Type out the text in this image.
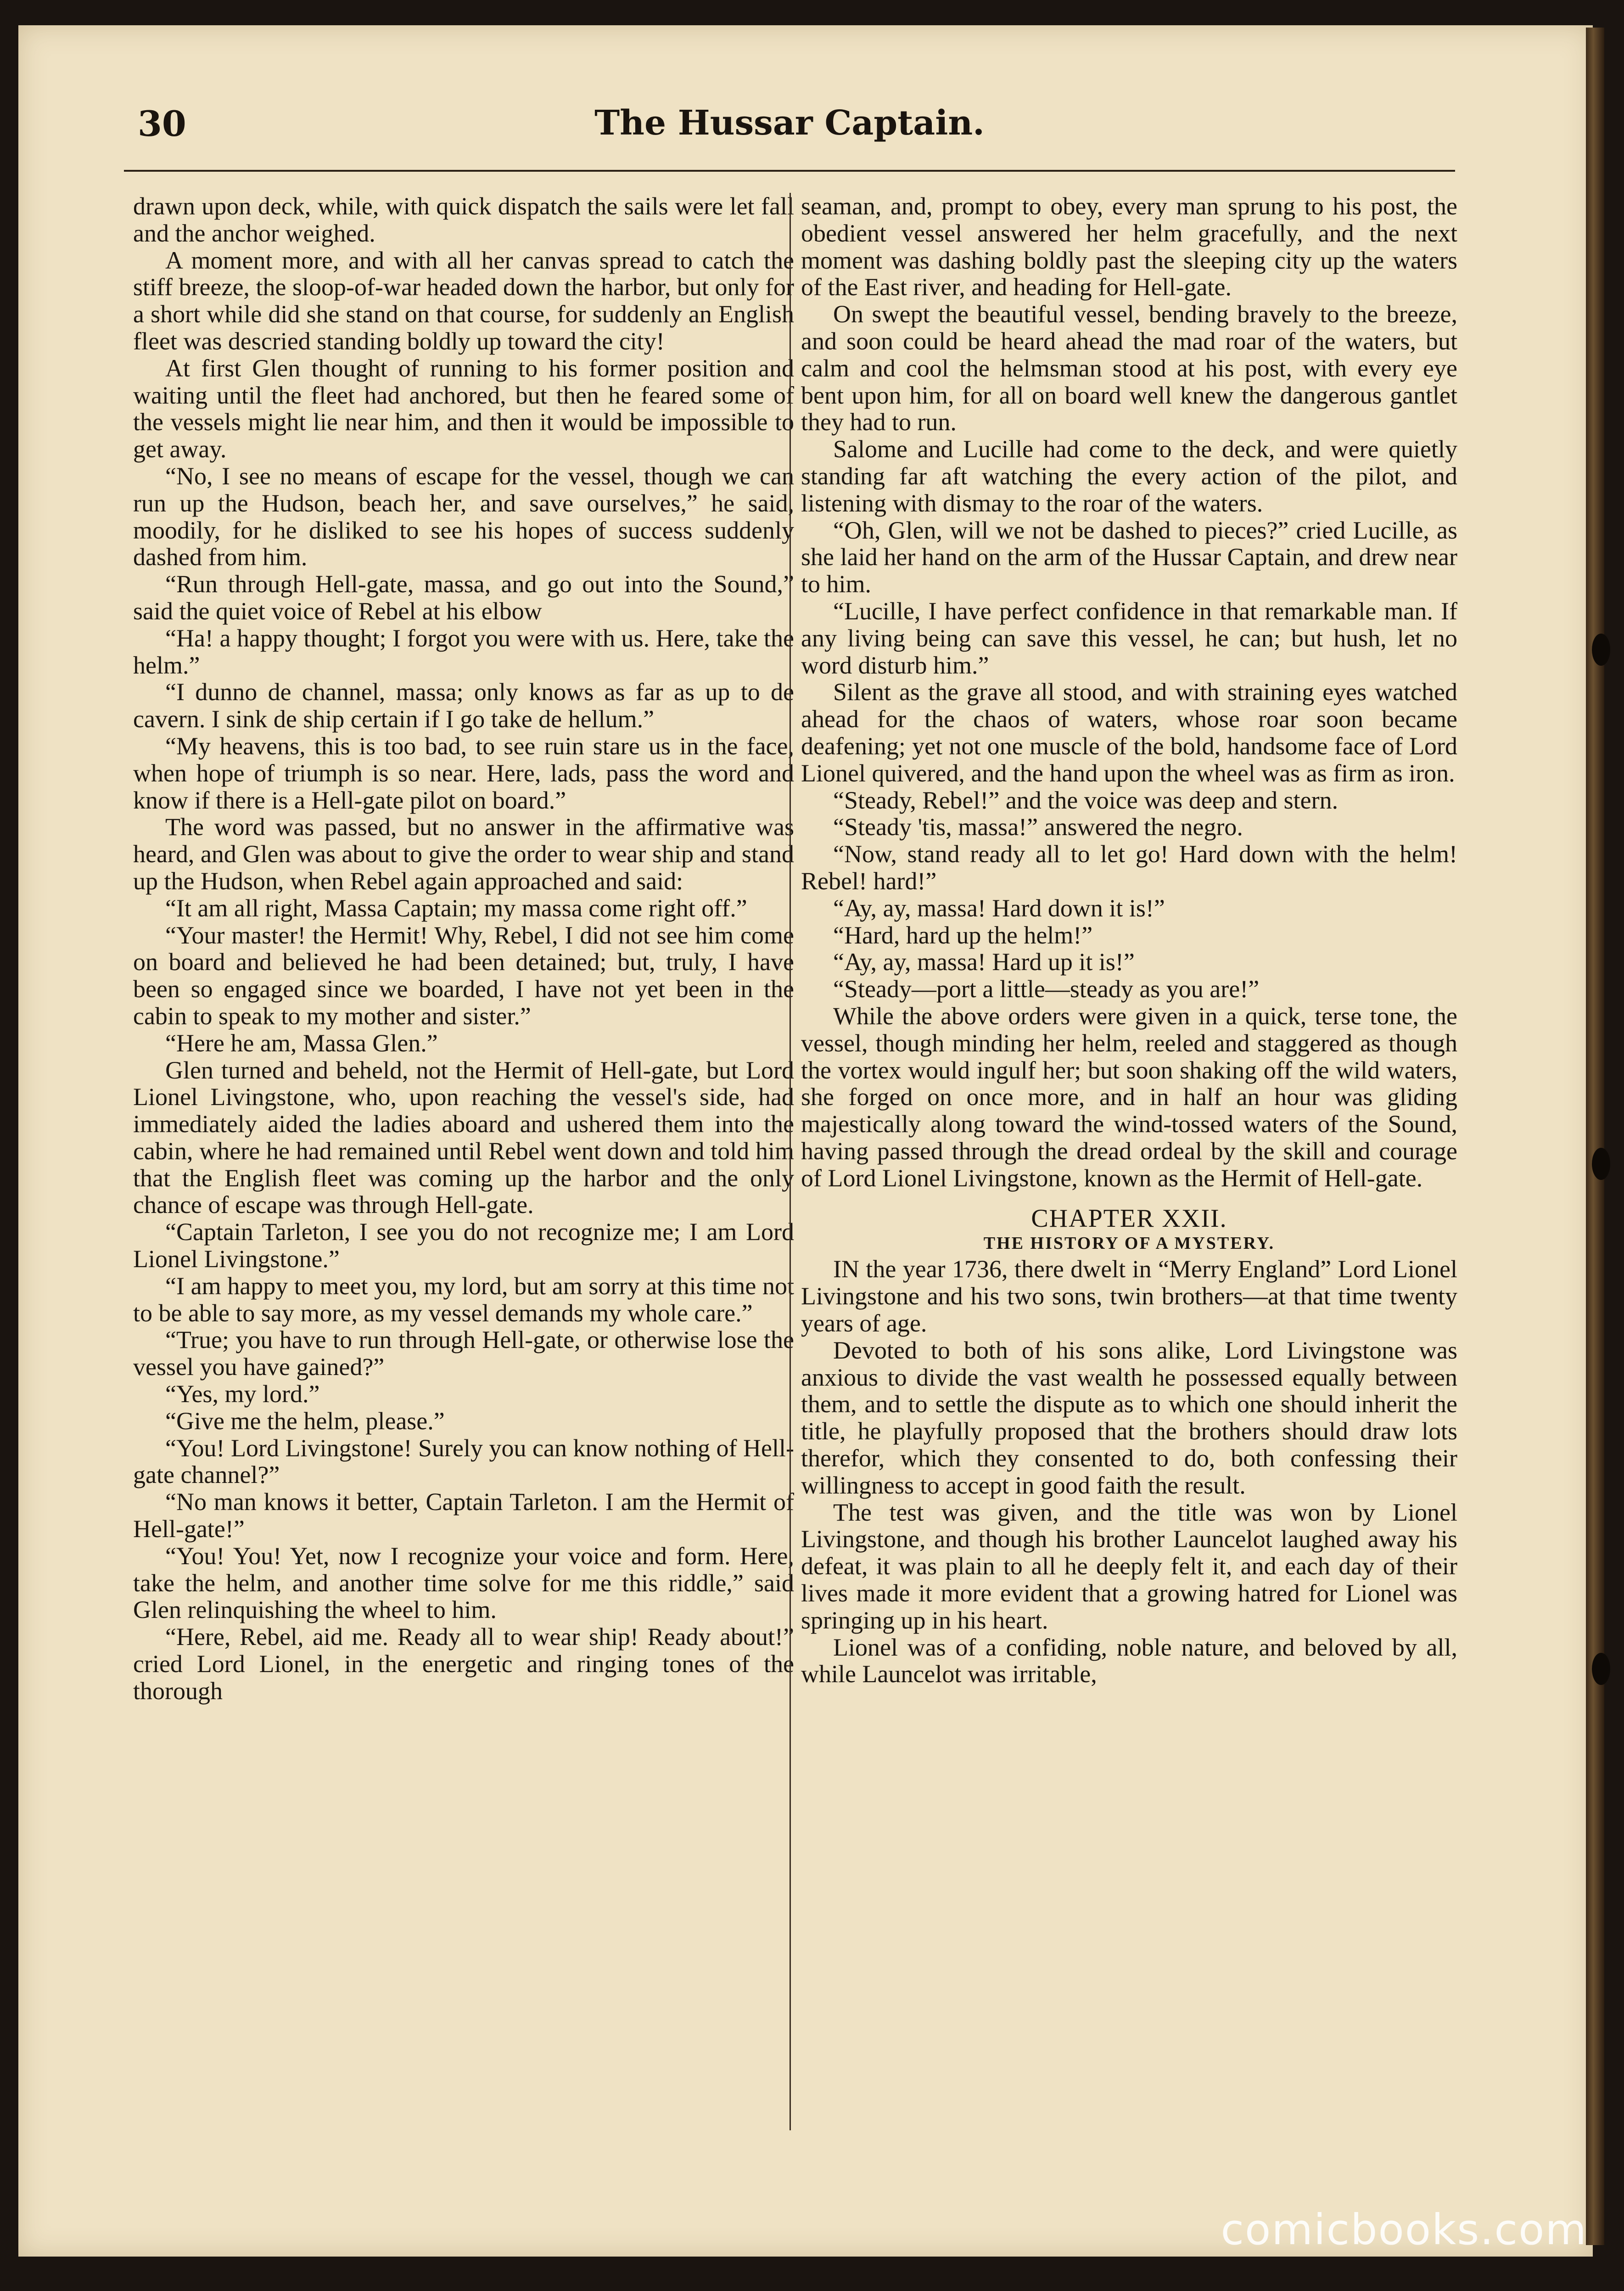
30	The Hussar Captain.

drawn upon deck, while, with quick dispatch the sails were let fall and the anchor weighed.

A moment more, and with all her canvas spread to catch the stiff breeze, the sloop-of-war headed down the harbor, but only for a short while did she stand on that course, for suddenly an English fleet was descried standing boldly up toward the city!

At first Glen thought of running to his former position and waiting until the fleet had anchored, but then he feared some of the vessels might lie near him, and then it would be impossible to get away.

“No, I see no means of escape for the vessel, though we can run up the Hudson, beach her, and save ourselves,” he said, moodily, for he disliked to see his hopes of success suddenly dashed from him.

“Run through Hell-gate, massa, and go out into the Sound,” said the quiet voice of Rebel at his elbow

“Ha! a happy thought; I forgot you were with us. Here, take the helm.”

“I dunno de channel, massa; only knows as far as up to de cavern. I sink de ship certain if I go take de hellum.”

“My heavens, this is too bad, to see ruin stare us in the face, when hope of triumph is so near. Here, lads, pass the word and know if there is a Hell-gate pilot on board.”

The word was passed, but no answer in the affirmative was heard, and Glen was about to give the order to wear ship and stand up the Hudson, when Rebel again approached and said:

“It am all right, Massa Captain; my massa come right off.”

“Your master! the Hermit! Why, Rebel, I did not see him come on board and believed he had been detained; but, truly, I have been so engaged since we boarded, I have not yet been in the cabin to speak to my mother and sister.”

“Here he am, Massa Glen.”

Glen turned and beheld, not the Hermit of Hell-gate, but Lord Lionel Livingstone, who, upon reaching the vessel's side, had immediately aided the ladies aboard and ushered them into the cabin, where he had remained until Rebel went down and told him that the English fleet was coming up the harbor and the only chance of escape was through Hell-gate.

“Captain Tarleton, I see you do not recognize me; I am Lord Lionel Livingstone.”

“I am happy to meet you, my lord, but am sorry at this time not to be able to say more, as my vessel demands my whole care.”

“True; you have to run through Hell-gate, or otherwise lose the vessel you have gained?”

“Yes, my lord.”

“Give me the helm, please.”

“You! Lord Livingstone! Surely you can know nothing of Hell-gate channel?”

“No man knows it better, Captain Tarleton. I am the Hermit of Hell-gate!”

“You! You! Yet, now I recognize your voice and form. Here, take the helm, and another time solve for me this riddle,” said Glen relinquishing the wheel to him.

“Here, Rebel, aid me. Ready all to wear ship! Ready about!” cried Lord Lionel, in the energetic and ringing tones of the thorough

seaman, and, prompt to obey, every man sprung to his post, the obedient vessel answered her helm gracefully, and the next moment was dashing boldly past the sleeping city up the waters of the East river, and heading for Hell-gate.

On swept the beautiful vessel, bending bravely to the breeze, and soon could be heard ahead the mad roar of the waters, but calm and cool the helmsman stood at his post, with every eye bent upon him, for all on board well knew the dangerous gantlet they had to run.

Salome and Lucille had come to the deck, and were quietly standing far aft watching the every action of the pilot, and listening with dismay to the roar of the waters.

“Oh, Glen, will we not be dashed to pieces?” cried Lucille, as she laid her hand on the arm of the Hussar Captain, and drew near to him.

“Lucille, I have perfect confidence in that remarkable man. If any living being can save this vessel, he can; but hush, let no word disturb him.”

Silent as the grave all stood, and with straining eyes watched ahead for the chaos of waters, whose roar soon became deafening; yet not one muscle of the bold, handsome face of Lord Lionel quivered, and the hand upon the wheel was as firm as iron.

“Steady, Rebel!” and the voice was deep and stern.

“Steady 'tis, massa!” answered the negro.

“Now, stand ready all to let go! Hard down with the helm! Rebel! hard!”

“Ay, ay, massa! Hard down it is!”

“Hard, hard up the helm!”

“Ay, ay, massa! Hard up it is!”

“Steady—port a little—steady as you are!”

While the above orders were given in a quick, terse tone, the vessel, though minding her helm, reeled and staggered as though the vortex would ingulf her; but soon shaking off the wild waters, she forged on once more, and in half an hour was gliding majestically along toward the wind-tossed waters of the Sound, having passed through the dread ordeal by the skill and courage of Lord Lionel Livingstone, known as the Hermit of Hell-gate.

CHAPTER XXII.
THE HISTORY OF A MYSTERY.

IN the year 1736, there dwelt in “Merry England” Lord Lionel Livingstone and his two sons, twin brothers—at that time twenty years of age.

Devoted to both of his sons alike, Lord Livingstone was anxious to divide the vast wealth he possessed equally between them, and to settle the dispute as to which one should inherit the title, he playfully proposed that the brothers should draw lots therefor, which they consented to do, both confessing their willingness to accept in good faith the result.

The test was given, and the title was won by Lionel Livingstone, and though his brother Launcelot laughed away his defeat, it was plain to all he deeply felt it, and each day of their lives made it more evident that a growing hatred for Lionel was springing up in his heart.

Lionel was of a confiding, noble nature, and beloved by all, while Launcelot was irritable,

comicbooks.com
